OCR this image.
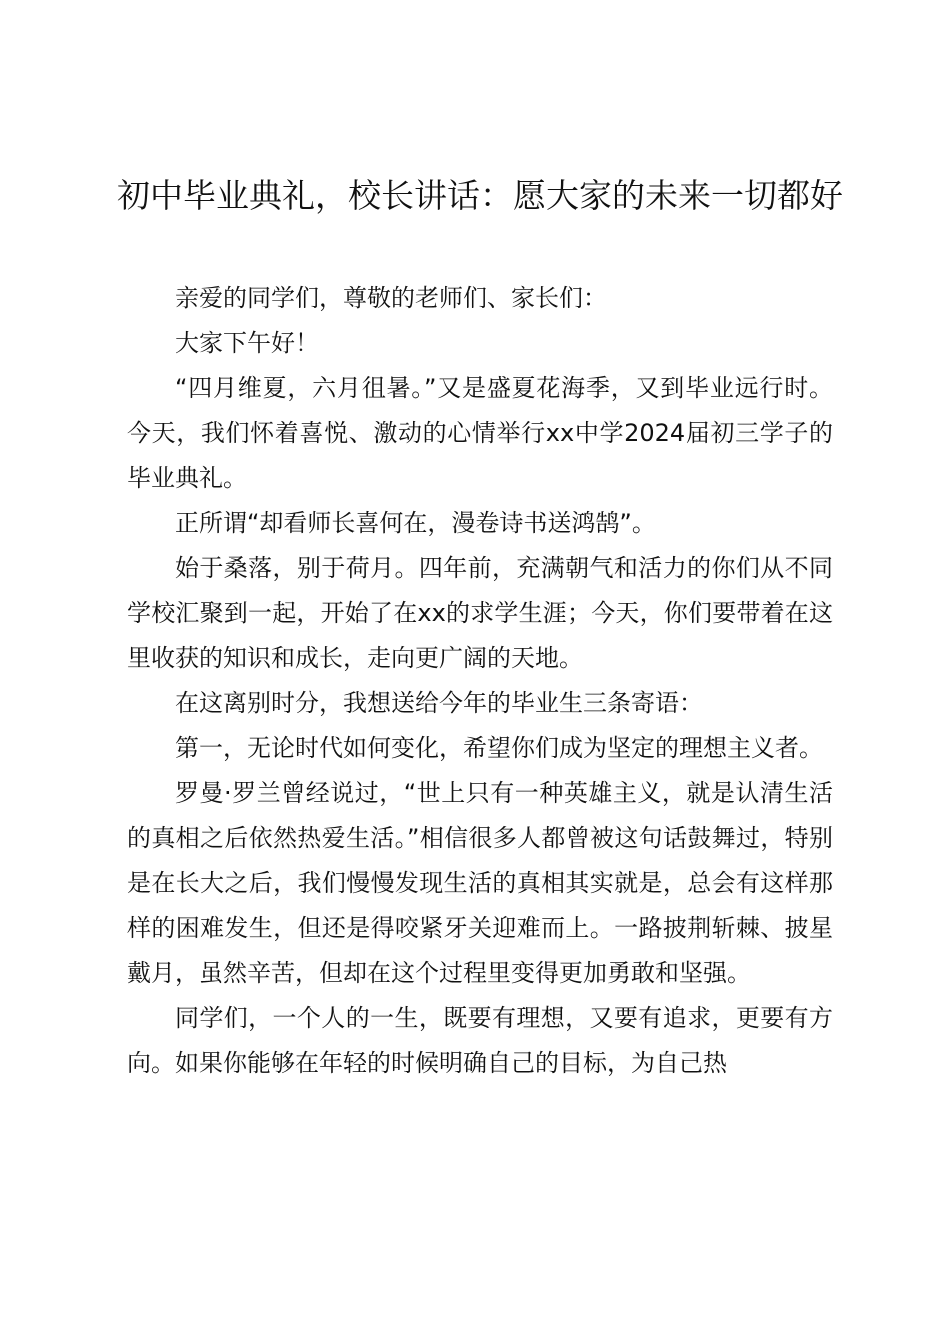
初中毕业典礼，校长讲话：愿大家的未来一切都好

亲爱的同学们，尊敬的老师们、家长们：

大家下午好！

“四月维夏，六月徂暑。”又是盛夏花海季，又到毕业远行时。今天，我们怀着喜悦、激动的心情举行xx中学2024届初三学子的毕业典礼。

正所谓“却看师长喜何在，漫卷诗书送鸿鹄”。

始于桑落，别于荷月。四年前，充满朝气和活力的你们从不同学校汇聚到一起，开始了在xx的求学生涯；今天，你们要带着在这里收获的知识和成长，走向更广阔的天地。

在这离别时分，我想送给今年的毕业生三条寄语：

第一，无论时代如何变化，希望你们成为坚定的理想主义者。

罗曼·罗兰曾经说过，“世上只有一种英雄主义，就是认清生活的真相之后依然热爱生活。”相信很多人都曾被这句话鼓舞过，特别是在长大之后，我们慢慢发现生活的真相其实就是，总会有这样那样的困难发生，但还是得咬紧牙关迎难而上。一路披荆斩棘、披星戴月，虽然辛苦，但却在这个过程里变得更加勇敢和坚强。

同学们，一个人的一生，既要有理想，又要有追求，更要有方向。如果你能够在年轻的时候明确自己的目标，为自己热
